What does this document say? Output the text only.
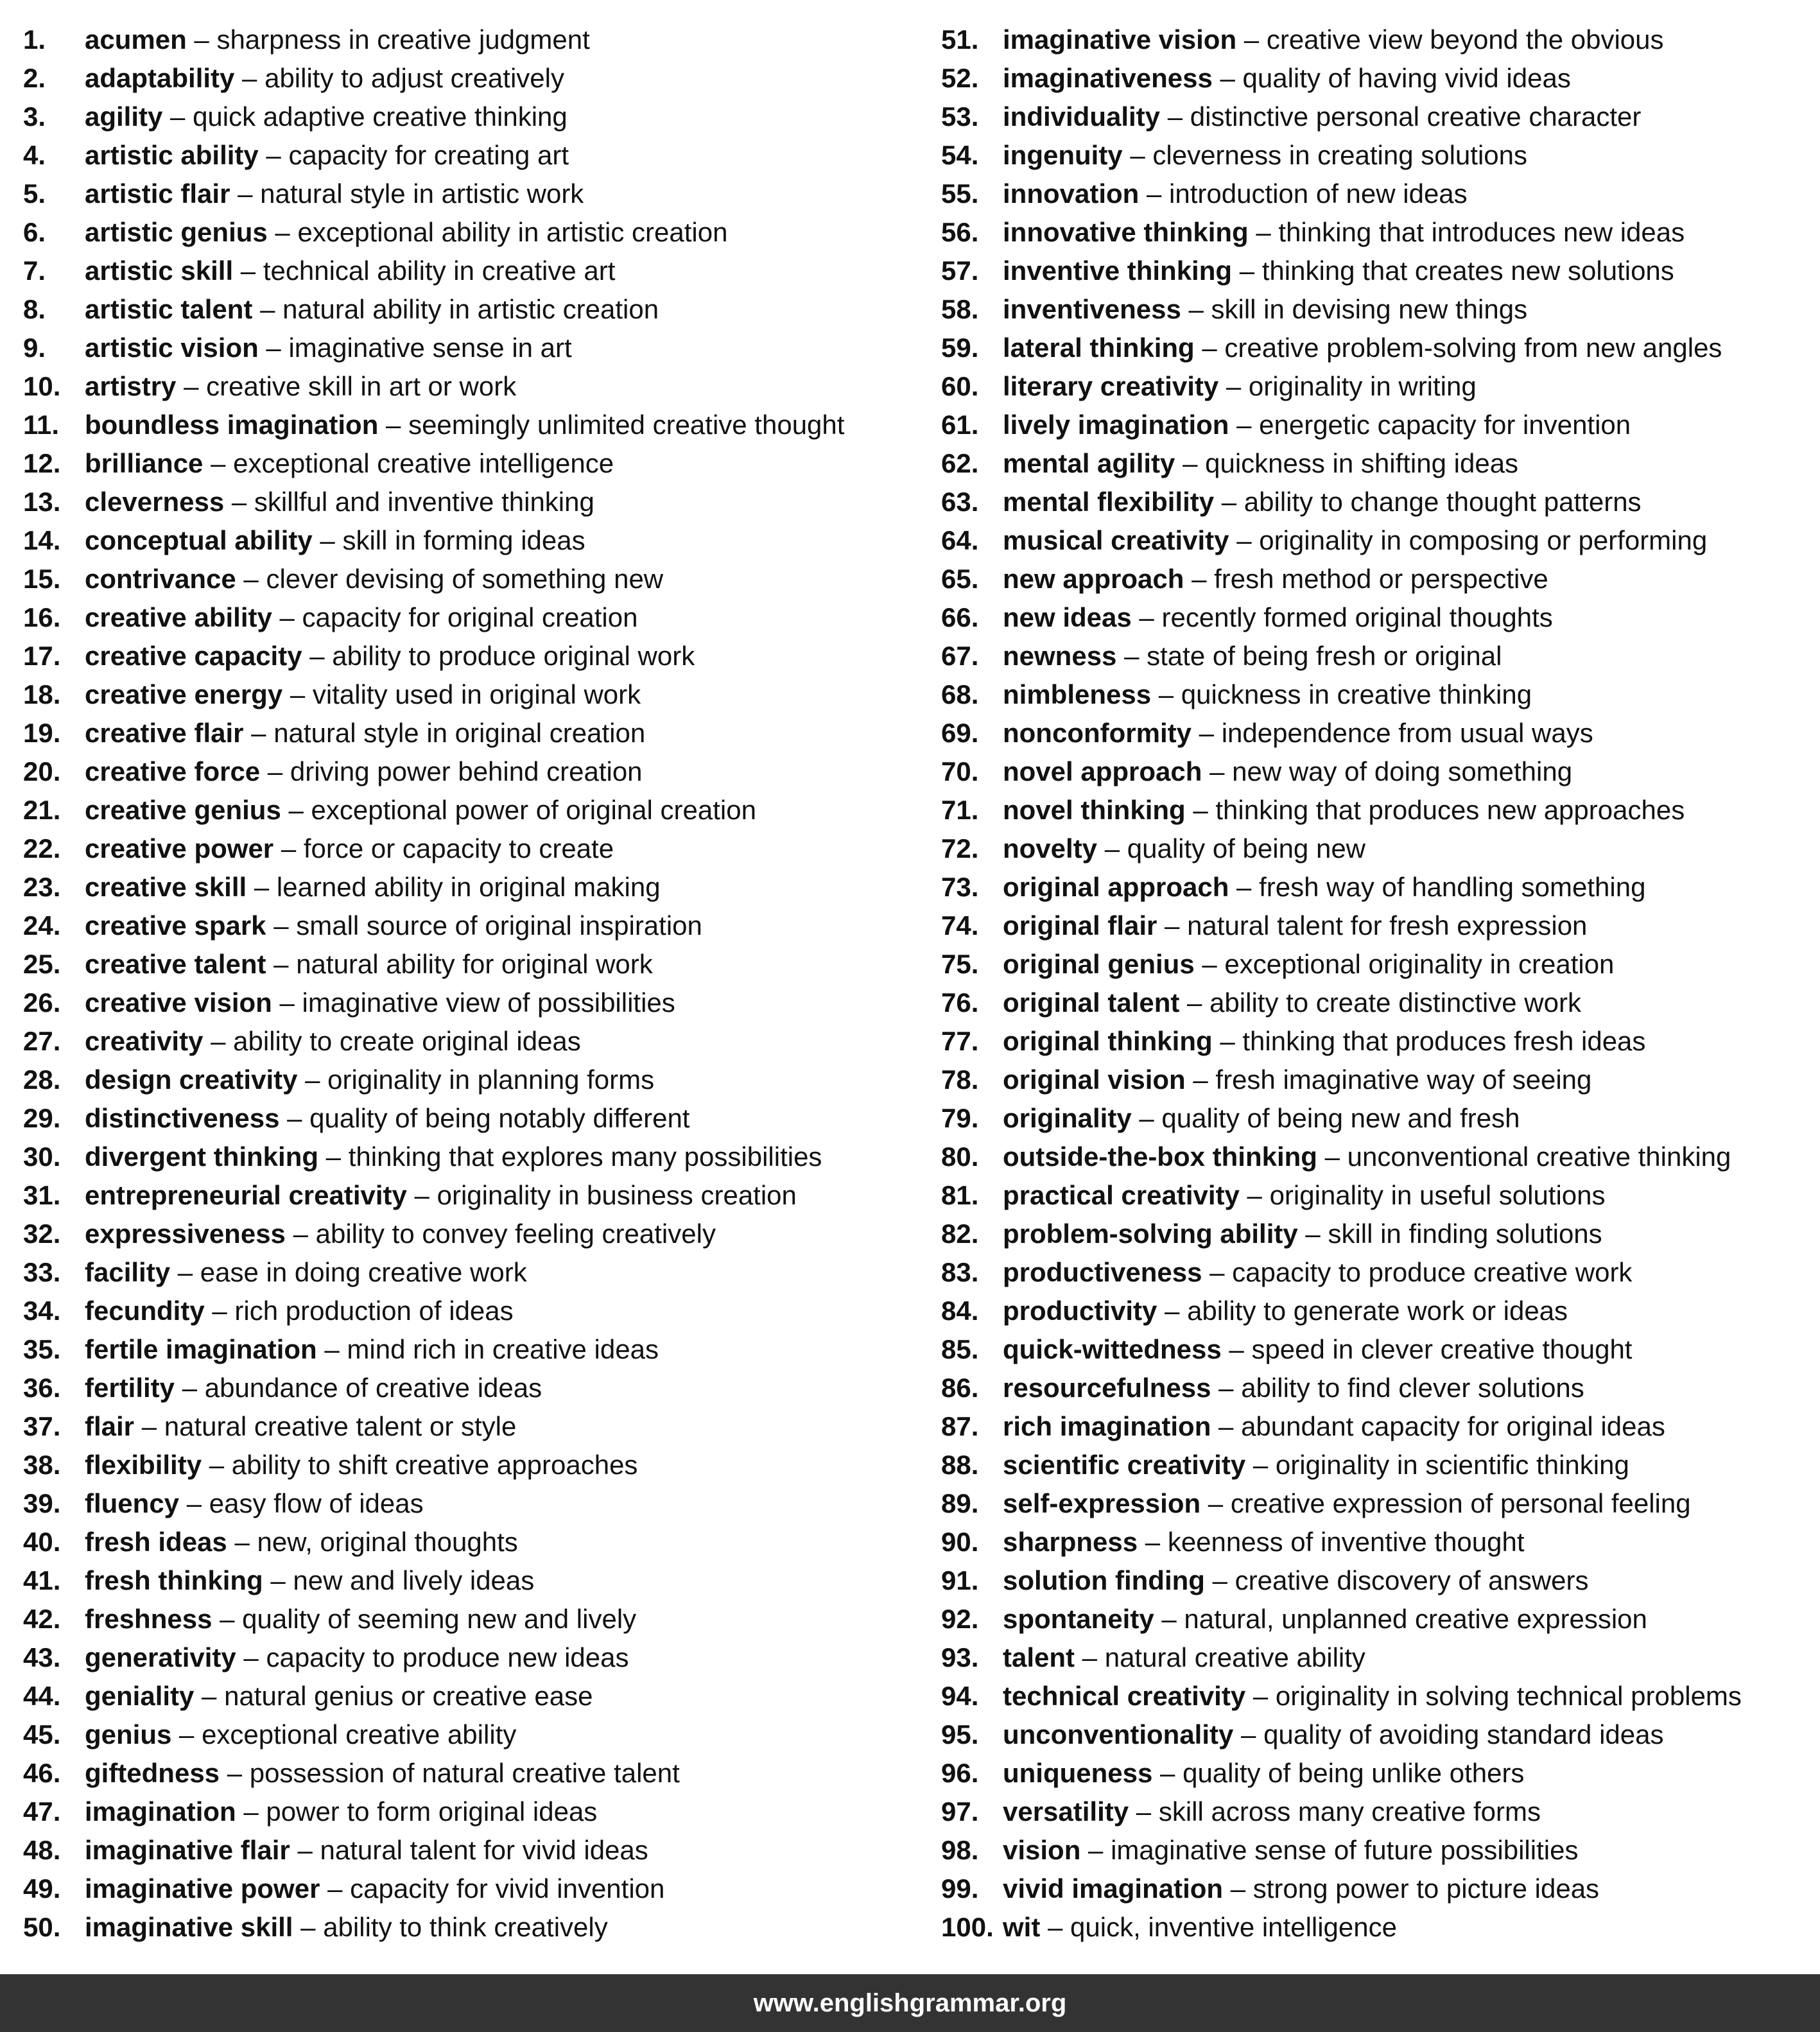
1. acumen – sharpness in creative judgment
2. adaptability – ability to adjust creatively
3. agility – quick adaptive creative thinking
4. artistic ability – capacity for creating art
5. artistic flair – natural style in artistic work
6. artistic genius – exceptional ability in artistic creation
7. artistic skill – technical ability in creative art
8. artistic talent – natural ability in artistic creation
9. artistic vision – imaginative sense in art
10. artistry – creative skill in art or work
11. boundless imagination – seemingly unlimited creative thought
12. brilliance – exceptional creative intelligence
13. cleverness – skillful and inventive thinking
14. conceptual ability – skill in forming ideas
15. contrivance – clever devising of something new
16. creative ability – capacity for original creation
17. creative capacity – ability to produce original work
18. creative energy – vitality used in original work
19. creative flair – natural style in original creation
20. creative force – driving power behind creation
21. creative genius – exceptional power of original creation
22. creative power – force or capacity to create
23. creative skill – learned ability in original making
24. creative spark – small source of original inspiration
25. creative talent – natural ability for original work
26. creative vision – imaginative view of possibilities
27. creativity – ability to create original ideas
28. design creativity – originality in planning forms
29. distinctiveness – quality of being notably different
30. divergent thinking – thinking that explores many possibilities
31. entrepreneurial creativity – originality in business creation
32. expressiveness – ability to convey feeling creatively
33. facility – ease in doing creative work
34. fecundity – rich production of ideas
35. fertile imagination – mind rich in creative ideas
36. fertility – abundance of creative ideas
37. flair – natural creative talent or style
38. flexibility – ability to shift creative approaches
39. fluency – easy flow of ideas
40. fresh ideas – new, original thoughts
41. fresh thinking – new and lively ideas
42. freshness – quality of seeming new and lively
43. generativity – capacity to produce new ideas
44. geniality – natural genius or creative ease
45. genius – exceptional creative ability
46. giftedness – possession of natural creative talent
47. imagination – power to form original ideas
48. imaginative flair – natural talent for vivid ideas
49. imaginative power – capacity for vivid invention
50. imaginative skill – ability to think creatively
51. imaginative vision – creative view beyond the obvious
52. imaginativeness – quality of having vivid ideas
53. individuality – distinctive personal creative character
54. ingenuity – cleverness in creating solutions
55. innovation – introduction of new ideas
56. innovative thinking – thinking that introduces new ideas
57. inventive thinking – thinking that creates new solutions
58. inventiveness – skill in devising new things
59. lateral thinking – creative problem-solving from new angles
60. literary creativity – originality in writing
61. lively imagination – energetic capacity for invention
62. mental agility – quickness in shifting ideas
63. mental flexibility – ability to change thought patterns
64. musical creativity – originality in composing or performing
65. new approach – fresh method or perspective
66. new ideas – recently formed original thoughts
67. newness – state of being fresh or original
68. nimbleness – quickness in creative thinking
69. nonconformity – independence from usual ways
70. novel approach – new way of doing something
71. novel thinking – thinking that produces new approaches
72. novelty – quality of being new
73. original approach – fresh way of handling something
74. original flair – natural talent for fresh expression
75. original genius – exceptional originality in creation
76. original talent – ability to create distinctive work
77. original thinking – thinking that produces fresh ideas
78. original vision – fresh imaginative way of seeing
79. originality – quality of being new and fresh
80. outside-the-box thinking – unconventional creative thinking
81. practical creativity – originality in useful solutions
82. problem-solving ability – skill in finding solutions
83. productiveness – capacity to produce creative work
84. productivity – ability to generate work or ideas
85. quick-wittedness – speed in clever creative thought
86. resourcefulness – ability to find clever solutions
87. rich imagination – abundant capacity for original ideas
88. scientific creativity – originality in scientific thinking
89. self-expression – creative expression of personal feeling
90. sharpness – keenness of inventive thought
91. solution finding – creative discovery of answers
92. spontaneity – natural, unplanned creative expression
93. talent – natural creative ability
94. technical creativity – originality in solving technical problems
95. unconventionality – quality of avoiding standard ideas
96. uniqueness – quality of being unlike others
97. versatility – skill across many creative forms
98. vision – imaginative sense of future possibilities
99. vivid imagination – strong power to picture ideas
100. wit – quick, inventive intelligence
www.englishgrammar.org
